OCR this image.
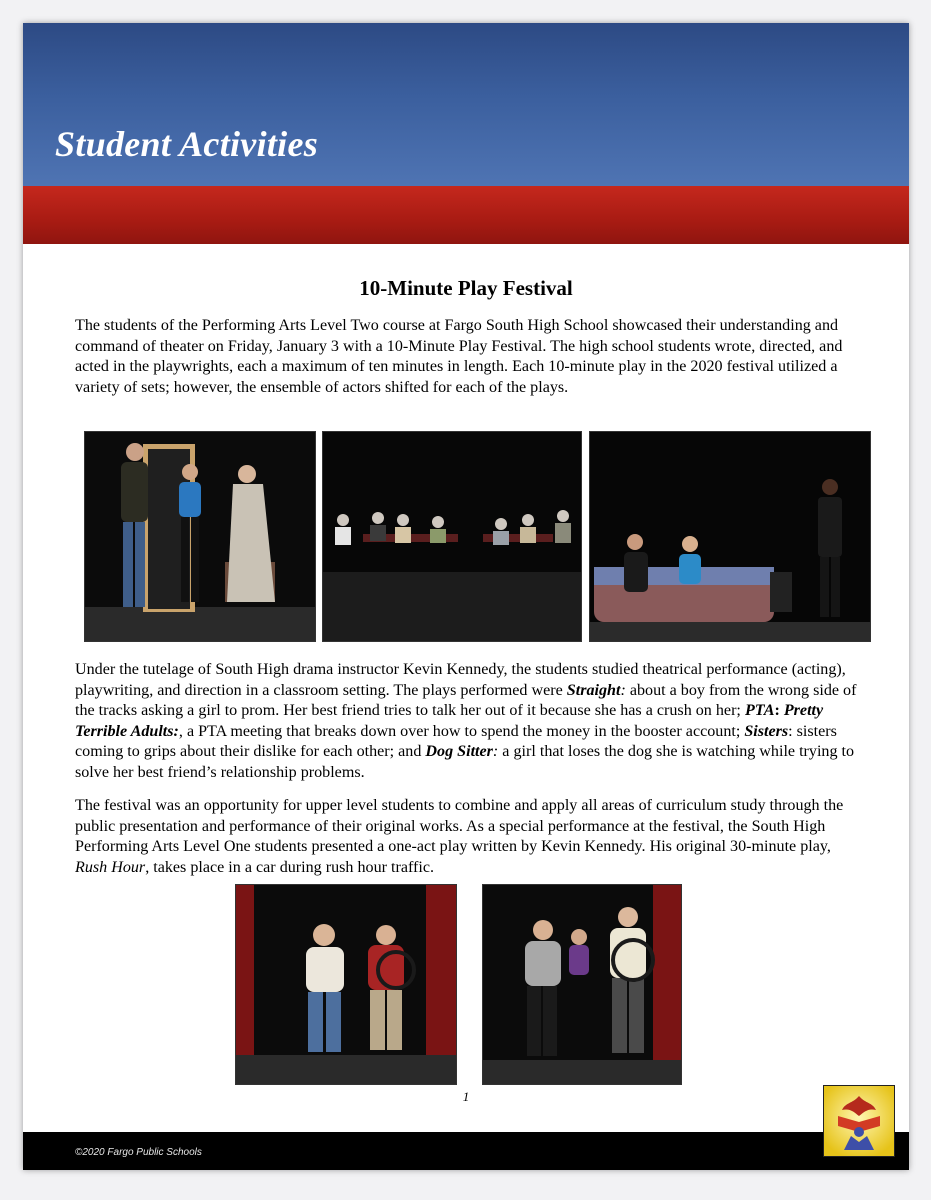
Student Activities
10-Minute Play Festival
The students of the Performing Arts Level Two course at Fargo South High School showcased their understanding and command of theater on Friday, January 3 with a 10-Minute Play Festival. The high school students wrote, directed, and acted in the playwrights, each a maximum of ten minutes in length. Each 10-minute play in the 2020 festival utilized a variety of sets; however, the ensemble of actors shifted for each of the plays.
Under the tutelage of South High drama instructor Kevin Kennedy, the students studied theatrical performance (acting), playwriting, and direction in a classroom setting. The plays performed were Straight: about a boy from the wrong side of the tracks asking a girl to prom. Her best friend tries to talk her out of it because she has a crush on her; PTA: Pretty Terrible Adults:, a PTA meeting that breaks down over how to spend the money in the booster account; Sisters: sisters coming to grips about their dislike for each other; and Dog Sitter: a girl that loses the dog she is watching while trying to solve her best friend’s relationship problems.
The festival was an opportunity for upper level students to combine and apply all areas of curriculum study through the public presentation and performance of their original works. As a special performance at the festival, the South High Performing Arts Level One students presented a one-act play written by Kevin Kennedy. His original 30-minute play, Rush Hour, takes place in a car during rush hour traffic.
1
©2020 Fargo Public Schools
